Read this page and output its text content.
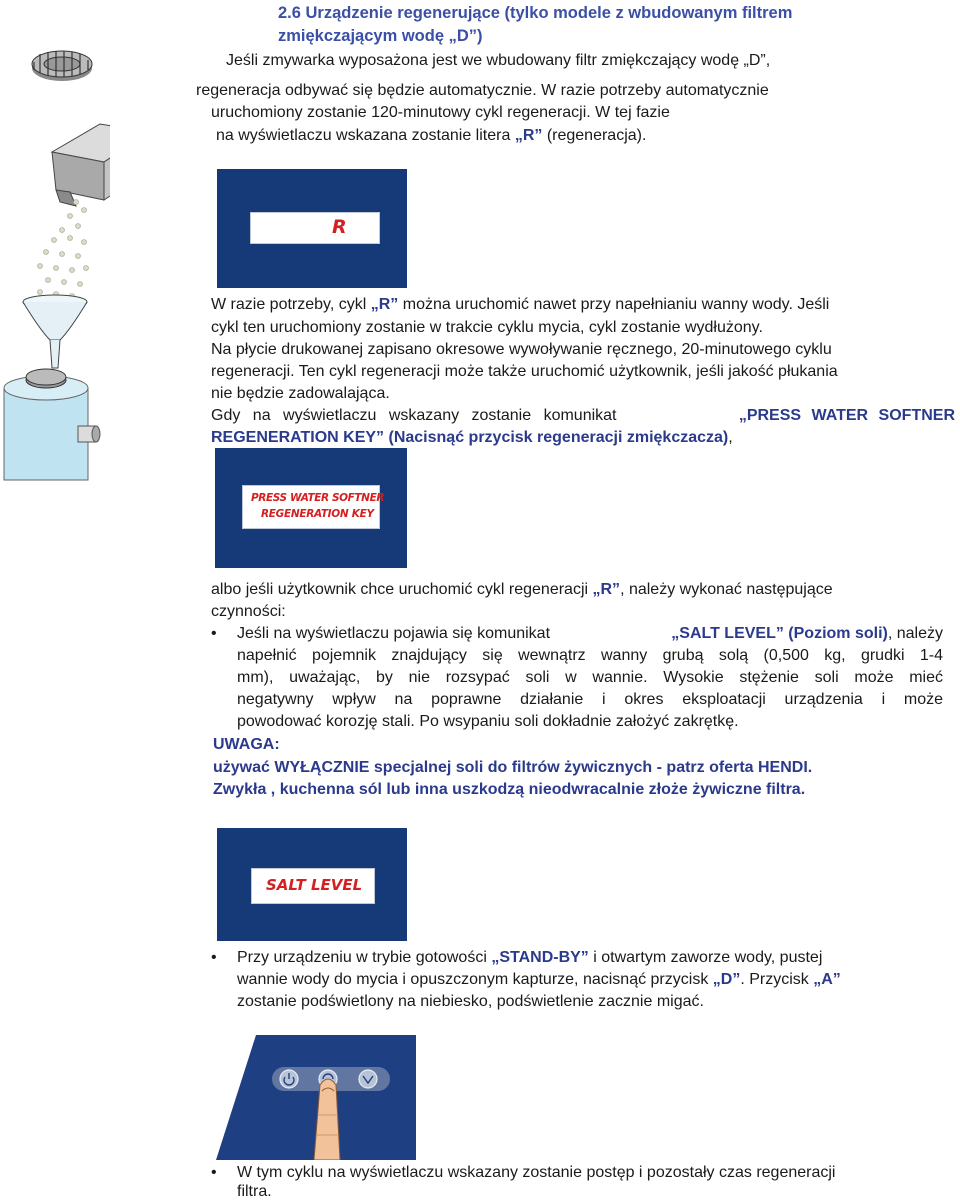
2.6 Urządzenie regenerujące (tylko modele z wbudowanym filtrem
zmiękczającym wodę „D”)
Jeśli zmywarka wyposażona jest we wbudowany filtr zmiękczający wodę „D”,
regeneracja odbywać się będzie automatycznie. W razie potrzeby automatycznie
uruchomiony zostanie 120-minutowy cykl regeneracji. W tej fazie
na wyświetlaczu wskazana zostanie litera „R” (regeneracja).
R
W razie potrzeby, cykl „R” można uruchomić nawet przy napełnianiu wanny wody. Jeśli
cykl ten uruchomiony zostanie w trakcie cyklu mycia, cykl zostanie wydłużony.
Na płycie drukowanej zapisano okresowe wywoływanie ręcznego, 20-minutowego cyklu
regeneracji. Ten cykl regeneracji może także uruchomić użytkownik, jeśli jakość płukania
nie będzie zadowalająca.
Gdy na wyświetlaczu wskazany zostanie komunikat	„PRESS WATER SOFTNER
REGENERATION KEY” (Nacisnąć przycisk regeneracji zmiękczacza),
PRESS WATER SOFTNER
REGENERATION KEY
albo jeśli użytkownik chce uruchomić cykl regeneracji „R”, należy wykonać następujące
czynności:
• Jeśli na wyświetlaczu pojawia się komunikat	„SALT LEVEL” (Poziom soli), należy
napełnić pojemnik znajdujący się wewnątrz wanny grubą solą (0,500 kg, grudki 1-4
mm), uważając, by nie rozsypać soli w wannie. Wysokie stężenie soli może mieć
negatywny wpływ na poprawne działanie i okres eksploatacji urządzenia i może
powodować korozję stali. Po wsypaniu soli dokładnie założyć zakrętkę.
UWAGA:
używać WYŁĄCZNIE specjalnej soli do filtrów żywicznych - patrz oferta HENDI.
Zwykła , kuchenna sól lub inna uszkodzą nieodwracalnie złoże żywiczne filtra.
SALT LEVEL
• Przy urządzeniu w trybie gotowości „STAND-BY” i otwartym zaworze wody, pustej
wannie wody do mycia i opuszczonym kapturze, nacisnąć przycisk „D”. Przycisk „A”
zostanie podświetlony na niebiesko, podświetlenie zacznie migać.
• W tym cyklu na wyświetlaczu wskazany zostanie postęp i pozostały czas regeneracji
filtra.
